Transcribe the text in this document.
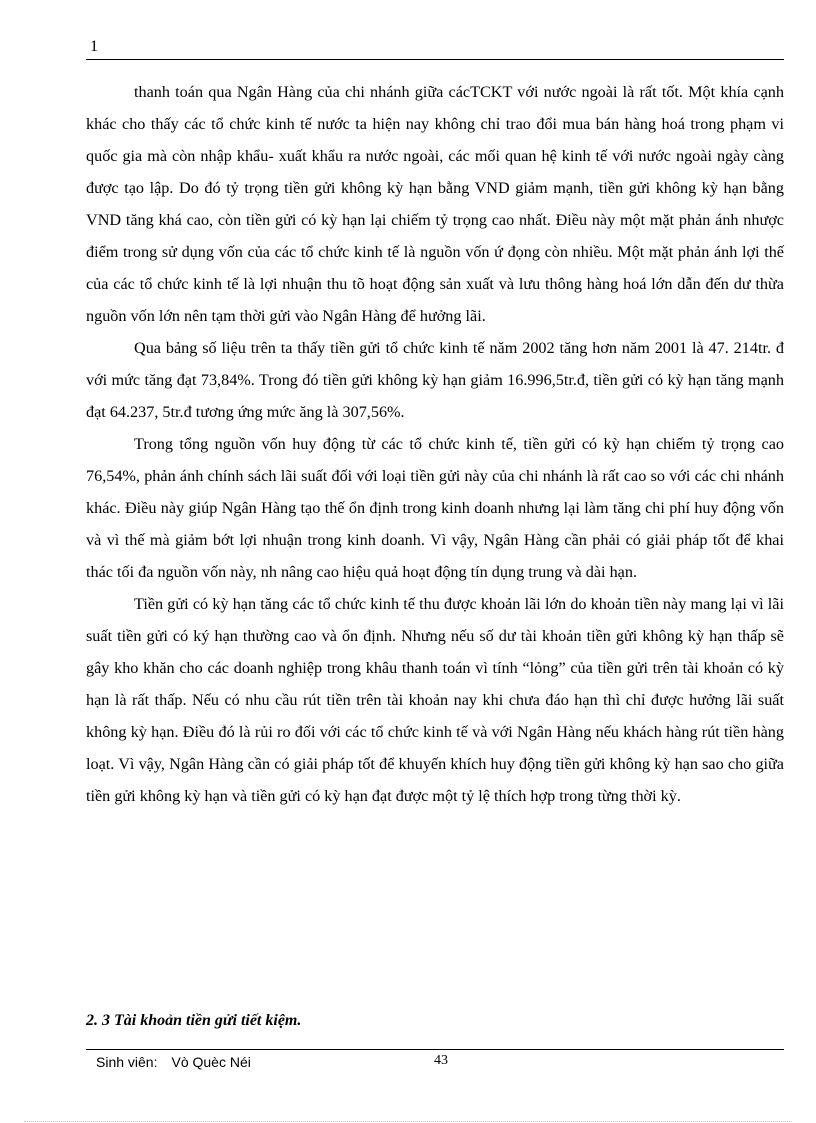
1

thanh toán qua Ngân Hàng của chi nhánh giữa cácTCKT với nước ngoài là rất tốt. Một khía cạnh khác cho thấy các tổ chức kinh tế nước ta hiện nay không chỉ trao đổi mua bán hàng hoá trong phạm vi quốc gia mà còn nhập khẩu- xuất khẩu ra nước ngoài, các mối quan hệ kinh tế với nước ngoài ngày càng được tạo lập. Do đó tỷ trọng tiền gửi không kỳ hạn bằng VND giảm mạnh, tiền gửi không kỳ hạn bằng VND tăng khá cao, còn tiền gửi có kỳ hạn lại chiếm tỷ trọng cao nhất. Điều này một mặt phản ánh nhược điểm trong sử dụng vốn của các tổ chức kinh tế là nguồn vốn ứ đọng còn nhiều. Một mặt phản ánh lợi thế của các tổ chức kinh tế là lợi nhuận thu tõ hoạt động sản xuất và lưu thông hàng hoá lớn dẫn đến dư thừa nguồn vốn lớn nên tạm thời gửi vào Ngân Hàng để hưởng lãi.

Qua bảng số liệu trên ta thấy tiền gửi tổ chức kinh tế năm 2002 tăng hơn năm 2001 là 47. 214tr. đ với mức tăng đạt 73,84%. Trong đó tiền gửi không kỳ hạn giảm 16.996,5tr.đ, tiền gửi có kỳ hạn tăng mạnh đạt 64.237, 5tr.đ tương ứng mức ăng là 307,56%.

Trong tổng nguồn vốn huy động từ các tổ chức kinh tế, tiền gửi có kỳ hạn chiếm tỷ trọng cao 76,54%, phản ánh chính sách lãi suất đối với loại tiền gửi này của chi nhánh là rất cao so với các chi nhánh khác. Điều này giúp Ngân Hàng tạo thế ổn định trong kinh doanh nhưng lại làm tăng chi phí huy động vốn và vì thế mà giảm bớt lợi nhuận trong kinh doanh. Vì vậy, Ngân Hàng cần phải có giải pháp tốt để khai thác tối đa nguồn vốn này, nh nâng cao hiệu quả hoạt động tín dụng trung và dài hạn.

Tiền gửi có kỳ hạn tăng các tổ chức kinh tế thu được khoản lãi lớn do khoản tiền này mang lại vì lãi suất tiền gửi có ký hạn thường cao và ổn định. Nhưng nếu số dư tài khoản tiền gửi không kỳ hạn thấp sẽ gây kho khăn cho các doanh nghiệp trong khâu thanh toán vì tính “lỏng” của tiền gửi trên tài khoản có kỳ hạn là rất thấp. Nếu có nhu cầu rút tiền trên tài khoản nay khi chưa đáo hạn thì chỉ được hưởng lãi suất không kỳ hạn. Điều đó là rủi ro đối với các tổ chức kinh tế và với Ngân Hàng nếu khách hàng rút tiền hàng loạt. Vì vậy, Ngân Hàng cần có giải pháp tốt để khuyến khích huy động tiền gửi không kỳ hạn sao cho giữa tiền gửi không kỳ hạn và tiền gửi có kỳ hạn đạt được một tỷ lệ thích hợp trong từng thời kỳ.

2. 3 Tài khoản tiền gửi tiết kiệm.
Sinh viên: Vò Quèc Néi	43
